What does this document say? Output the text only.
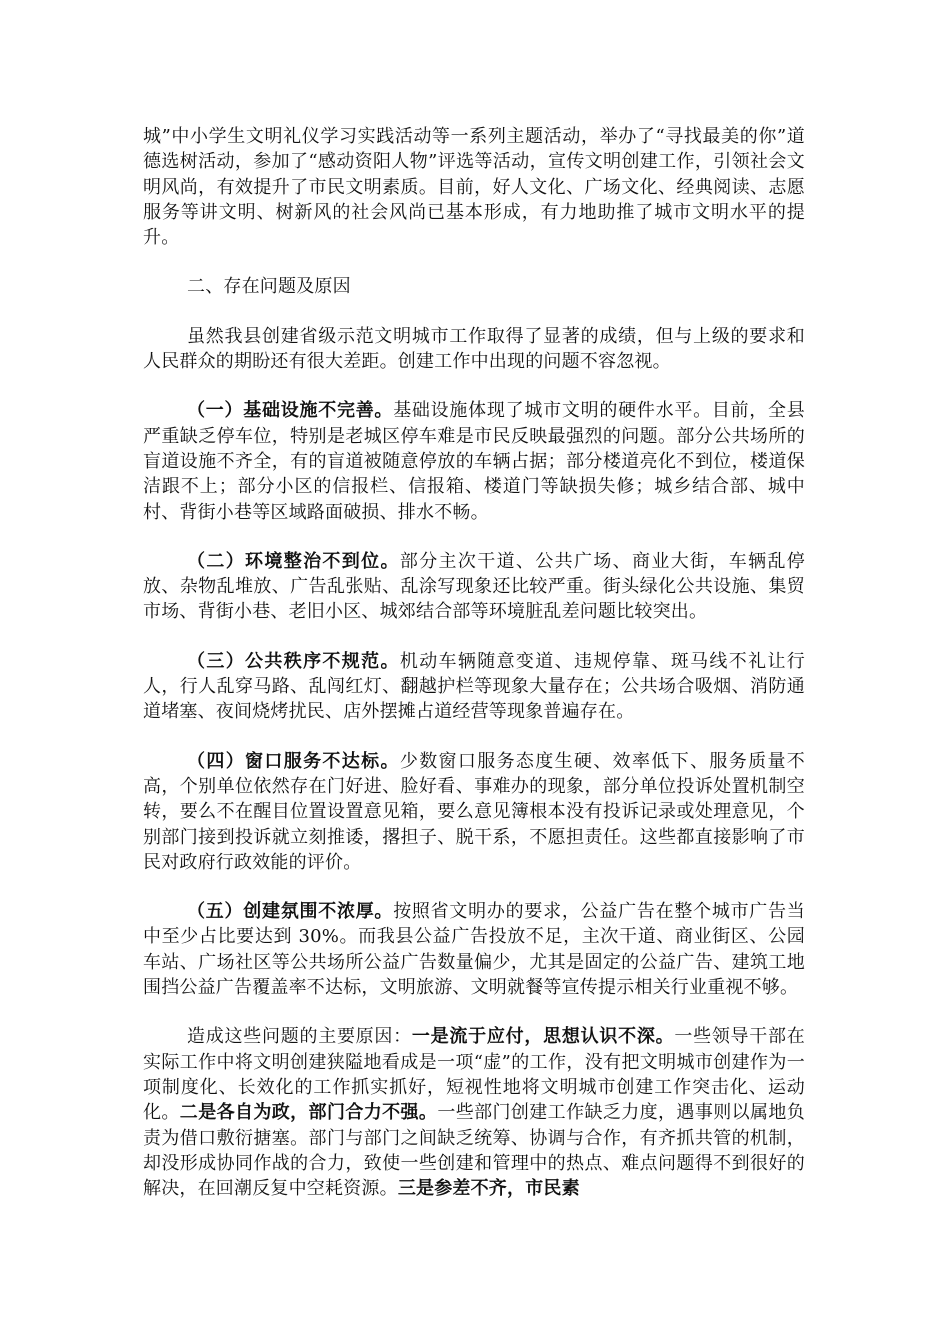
城”中小学生文明礼仪学习实践活动等一系列主题活动，举办了“寻找最美的你”道德选树活动，参加了“感动资阳人物”评选等活动，宣传文明创建工作，引领社会文明风尚，有效提升了市民文明素质。目前，好人文化、广场文化、经典阅读、志愿服务等讲文明、树新风的社会风尚已基本形成，有力地助推了城市文明水平的提升。

二、存在问题及原因

虽然我县创建省级示范文明城市工作取得了显著的成绩，但与上级的要求和人民群众的期盼还有很大差距。创建工作中出现的问题不容忽视。

（一）基础设施不完善。基础设施体现了城市文明的硬件水平。目前，全县严重缺乏停车位，特别是老城区停车难是市民反映最强烈的问题。部分公共场所的盲道设施不齐全，有的盲道被随意停放的车辆占据；部分楼道亮化不到位，楼道保洁跟不上；部分小区的信报栏、信报箱、楼道门等缺损失修；城乡结合部、城中村、背街小巷等区域路面破损、排水不畅。

（二）环境整治不到位。部分主次干道、公共广场、商业大街，车辆乱停放、杂物乱堆放、广告乱张贴、乱涂写现象还比较严重。街头绿化公共设施、集贸市场、背街小巷、老旧小区、城郊结合部等环境脏乱差问题比较突出。

（三）公共秩序不规范。机动车辆随意变道、违规停靠、斑马线不礼让行人，行人乱穿马路、乱闯红灯、翻越护栏等现象大量存在；公共场合吸烟、消防通道堵塞、夜间烧烤扰民、店外摆摊占道经营等现象普遍存在。

（四）窗口服务不达标。少数窗口服务态度生硬、效率低下、服务质量不高，个别单位依然存在门好进、脸好看、事难办的现象，部分单位投诉处置机制空转，要么不在醒目位置设置意见箱，要么意见簿根本没有投诉记录或处理意见，个别部门接到投诉就立刻推诿，撂担子、脱干系，不愿担责任。这些都直接影响了市民对政府行政效能的评价。

（五）创建氛围不浓厚。按照省文明办的要求，公益广告在整个城市广告当中至少占比要达到 30%。而我县公益广告投放不足，主次干道、商业街区、公园车站、广场社区等公共场所公益广告数量偏少，尤其是固定的公益广告、建筑工地围挡公益广告覆盖率不达标，文明旅游、文明就餐等宣传提示相关行业重视不够。

造成这些问题的主要原因：一是流于应付，思想认识不深。一些领导干部在实际工作中将文明创建狭隘地看成是一项“虚”的工作，没有把文明城市创建作为一项制度化、长效化的工作抓实抓好，短视性地将文明城市创建工作突击化、运动化。二是各自为政，部门合力不强。一些部门创建工作缺乏力度，遇事则以属地负责为借口敷衍搪塞。部门与部门之间缺乏统筹、协调与合作，有齐抓共管的机制，却没形成协同作战的合力，致使一些创建和管理中的热点、难点问题得不到很好的解决，在回潮反复中空耗资源。三是参差不齐，市民素
